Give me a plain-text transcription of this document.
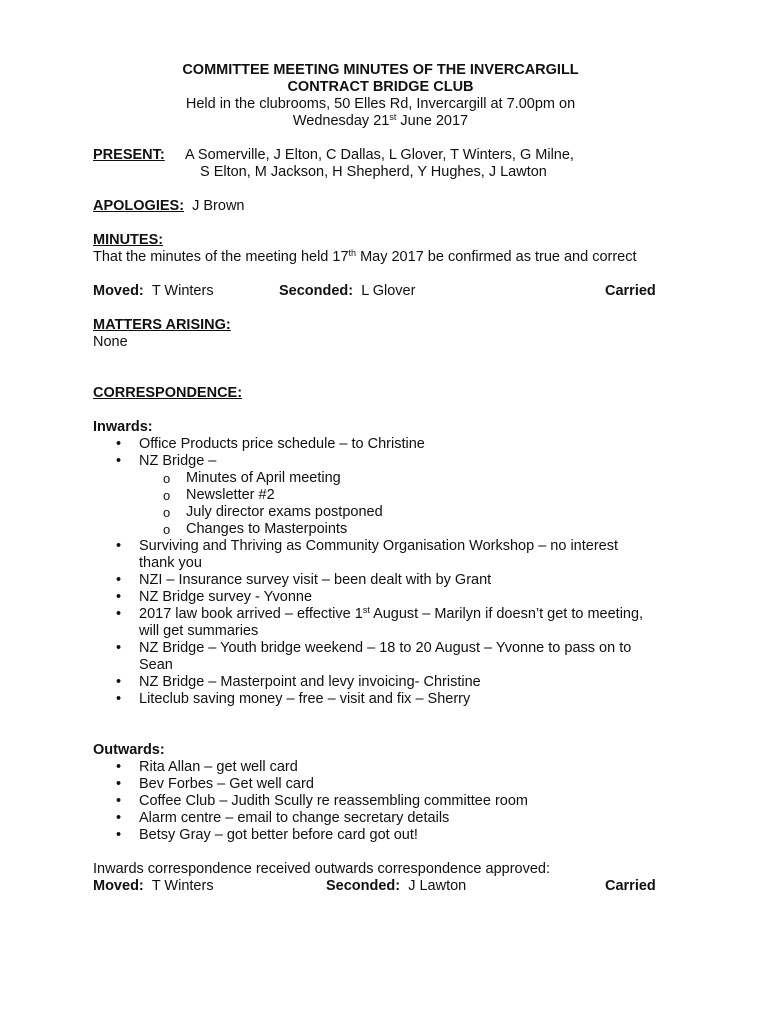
COMMITTEE MEETING MINUTES OF THE INVERCARGILL
CONTRACT BRIDGE CLUB
Held in the clubrooms, 50 Elles Rd, Invercargill at 7.00pm on
Wednesday 21st June 2017
PRESENT:	A Somerville, J Elton, C Dallas, L Glover, T Winters, G Milne,
S Elton, M Jackson, H Shepherd, Y Hughes, J Lawton
APOLOGIES: J Brown
MINUTES:
That the minutes of the meeting held 17th May 2017 be confirmed as true and correct
Moved: T Winters	Seconded: L Glover	Carried
MATTERS ARISING:
None
CORRESPONDENCE:
Inwards:
• Office Products price schedule – to Christine
• NZ Bridge –
o Minutes of April meeting
o Newsletter #2
o July director exams postponed
o Changes to Masterpoints
• Surviving and Thriving as Community Organisation Workshop – no interest
thank you
• NZI – Insurance survey visit – been dealt with by Grant
• NZ Bridge survey - Yvonne
• 2017 law book arrived – effective 1st August – Marilyn if doesn’t get to meeting,
will get summaries
• NZ Bridge – Youth bridge weekend – 18 to 20 August – Yvonne to pass on to
Sean
• NZ Bridge – Masterpoint and levy invoicing- Christine
• Liteclub saving money – free – visit and fix – Sherry
Outwards:
• Rita Allan – get well card
• Bev Forbes – Get well card
• Coffee Club – Judith Scully re reassembling committee room
• Alarm centre – email to change secretary details
• Betsy Gray – got better before card got out!
Inwards correspondence received outwards correspondence approved:
Moved: T Winters	Seconded: J Lawton	Carried
